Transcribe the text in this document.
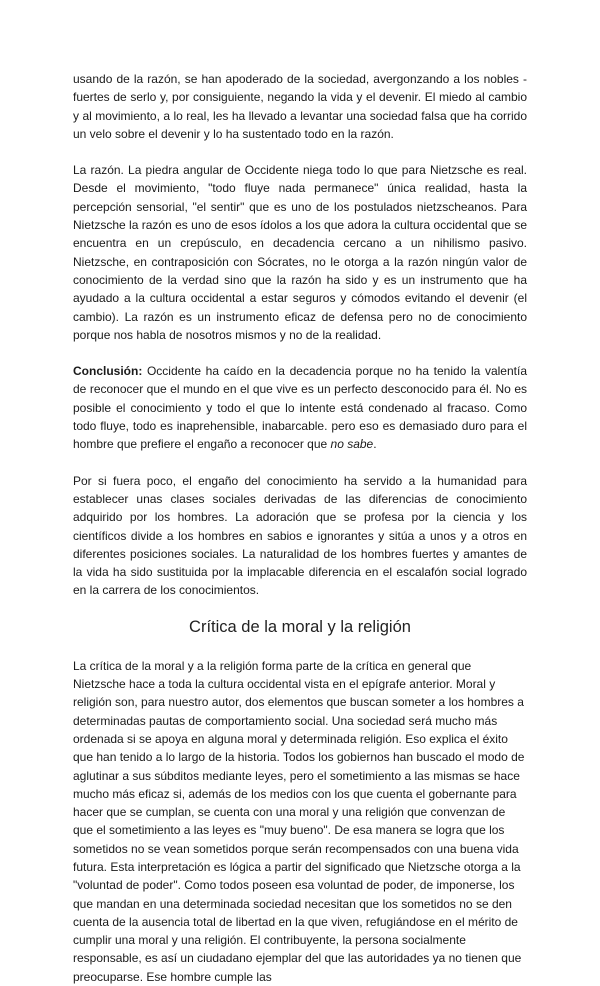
usando de la razón, se han apoderado de la sociedad, avergonzando a los nobles - fuertes de serlo y, por consiguiente, negando la vida y el devenir. El miedo al cambio y al movimiento, a lo real, les ha llevado a levantar una sociedad falsa que ha corrido un velo sobre el devenir y lo ha sustentado todo en la razón.

La razón. La piedra angular de Occidente niega todo lo que para Nietzsche es real. Desde el movimiento, "todo fluye nada permanece" única realidad, hasta la percepción sensorial, "el sentir" que es uno de los postulados nietzscheanos. Para Nietzsche la razón es uno de esos ídolos a los que adora la cultura occidental que se encuentra en un crepúsculo, en decadencia cercano a un nihilismo pasivo. Nietzsche, en contraposición con Sócrates, no le otorga a la razón ningún valor de conocimiento de la verdad sino que la razón ha sido y es un instrumento que ha ayudado a la cultura occidental a estar seguros y cómodos evitando el devenir (el cambio). La razón es un instrumento eficaz de defensa pero no de conocimiento porque nos habla de nosotros mismos y no de la realidad.

Conclusión: Occidente ha caído en la decadencia porque no ha tenido la valentía de reconocer que el mundo en el que vive es un perfecto desconocido para él. No es posible el conocimiento y todo el que lo intente está condenado al fracaso. Como todo fluye, todo es inaprehensible, inabarcable. pero eso es demasiado duro para el hombre que prefiere el engaño a reconocer que no sabe.

Por si fuera poco, el engaño del conocimiento ha servido a la humanidad para establecer unas clases sociales derivadas de las diferencias de conocimiento adquirido por los hombres. La adoración que se profesa por la ciencia y los científicos divide a los hombres en sabios e ignorantes y sitúa a unos y a otros en diferentes posiciones sociales. La naturalidad de los hombres fuertes y amantes de la vida ha sido sustituida por la implacable diferencia en el escalafón social logrado en la carrera de los conocimientos.

Crítica de la moral y la religión

La crítica de la moral y a la religión forma parte de la crítica en general que Nietzsche hace a toda la cultura occidental vista en el epígrafe anterior. Moral y religión son, para nuestro autor, dos elementos que buscan someter a los hombres a determinadas pautas de comportamiento social. Una sociedad será mucho más ordenada si se apoya en alguna moral y determinada religión. Eso explica el éxito que han tenido a lo largo de la historia. Todos los gobiernos han buscado el modo de aglutinar a sus súbditos mediante leyes, pero el sometimiento a las mismas se hace mucho más eficaz si, además de los medios con los que cuenta el gobernante para hacer que se cumplan, se cuenta con una moral y una religión que convenzan de que el sometimiento a las leyes es "muy bueno". De esa manera se logra que los sometidos no se vean sometidos porque serán recompensados con una buena vida futura. Esta interpretación es lógica a partir del significado que Nietzsche otorga a la "voluntad de poder". Como todos poseen esa voluntad de poder, de imponerse, los que mandan en una determinada sociedad necesitan que los sometidos no se den cuenta de la ausencia total de libertad en la que viven, refugiándose en el mérito de cumplir una moral y una religión. El contribuyente, la persona socialmente responsable, es así un ciudadano ejemplar del que las autoridades ya no tienen que preocuparse. Ese hombre cumple las
